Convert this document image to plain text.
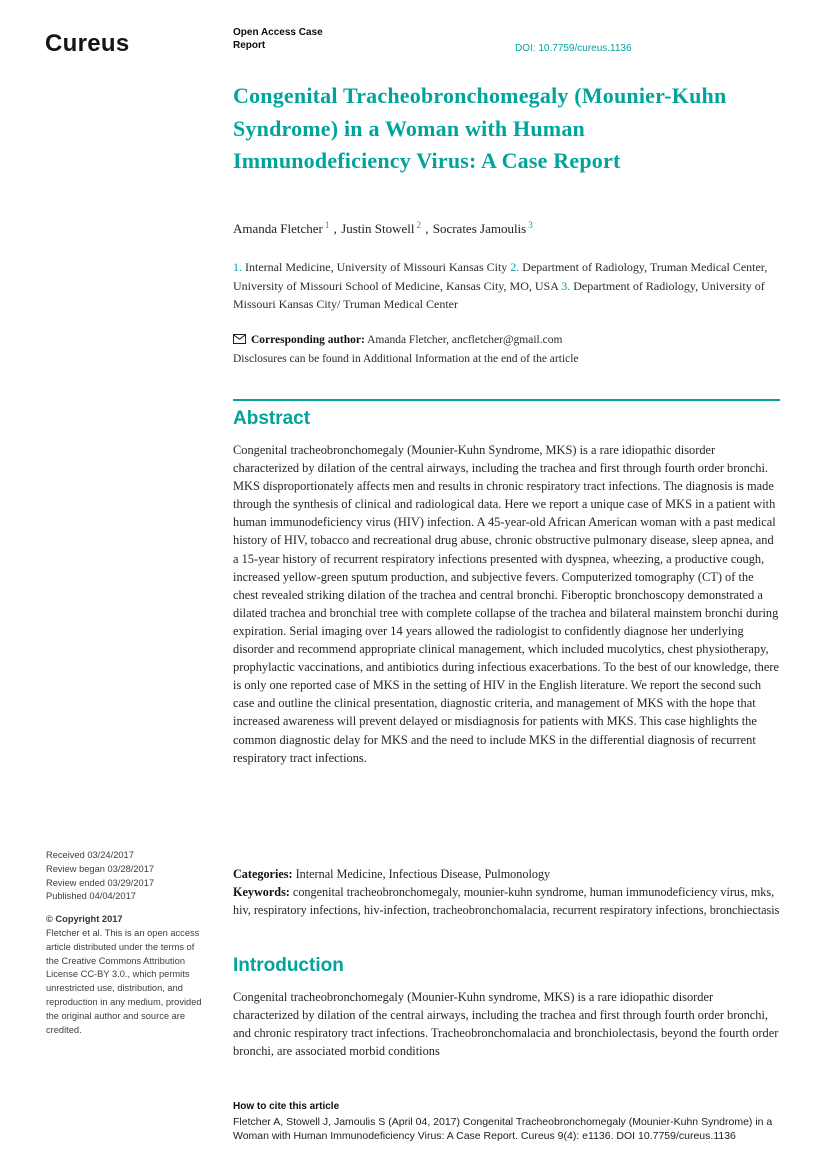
Cureus	Open Access Case Report	DOI: 10.7759/cureus.1136
Congenital Tracheobronchomegaly (Mounier-Kuhn Syndrome) in a Woman with Human Immunodeficiency Virus: A Case Report
Amanda Fletcher $^1$ , Justin Stowell $^2$ , Socrates Jamoulis $^3$
1. Internal Medicine, University of Missouri Kansas City 2. Department of Radiology, Truman Medical Center, University of Missouri School of Medicine, Kansas City, MO, USA 3. Department of Radiology, University of Missouri Kansas City/ Truman Medical Center
Corresponding author: Amanda Fletcher, ancfletcher@gmail.com
Disclosures can be found in Additional Information at the end of the article
Abstract
Congenital tracheobronchomegaly (Mounier-Kuhn Syndrome, MKS) is a rare idiopathic disorder characterized by dilation of the central airways, including the trachea and first through fourth order bronchi. MKS disproportionately affects men and results in chronic respiratory tract infections. The diagnosis is made through the synthesis of clinical and radiological data. Here we report a unique case of MKS in a patient with human immunodeficiency virus (HIV) infection. A 45-year-old African American woman with a past medical history of HIV, tobacco and recreational drug abuse, chronic obstructive pulmonary disease, sleep apnea, and a 15-year history of recurrent respiratory infections presented with dyspnea, wheezing, a productive cough, increased yellow-green sputum production, and subjective fevers. Computerized tomography (CT) of the chest revealed striking dilation of the trachea and central bronchi. Fiberoptic bronchoscopy demonstrated a dilated trachea and bronchial tree with complete collapse of the trachea and bilateral mainstem bronchi during expiration. Serial imaging over 14 years allowed the radiologist to confidently diagnose her underlying disorder and recommend appropriate clinical management, which included mucolytics, chest physiotherapy, prophylactic vaccinations, and antibiotics during infectious exacerbations. To the best of our knowledge, there is only one reported case of MKS in the setting of HIV in the English literature. We report the second such case and outline the clinical presentation, diagnostic criteria, and management of MKS with the hope that increased awareness will prevent delayed or misdiagnosis for patients with MKS. This case highlights the common diagnostic delay for MKS and the need to include MKS in the differential diagnosis of recurrent respiratory tract infections.
Received 03/24/2017
Review began 03/28/2017
Review ended 03/29/2017
Published 04/04/2017
© Copyright 2017
Fletcher et al. This is an open access article distributed under the terms of the Creative Commons Attribution License CC-BY 3.0., which permits unrestricted use, distribution, and reproduction in any medium, provided the original author and source are credited.
Categories: Internal Medicine, Infectious Disease, Pulmonology
Keywords: congenital tracheobronchomegaly, mounier-kuhn syndrome, human immunodeficiency virus, mks, hiv, respiratory infections, hiv-infection, tracheobronchomalacia, recurrent respiratory infections, bronchiectasis
Introduction
Congenital tracheobronchomegaly (Mounier-Kuhn syndrome, MKS) is a rare idiopathic disorder characterized by dilation of the central airways, including the trachea and first through fourth order bronchi, and chronic respiratory tract infections. Tracheobronchomalacia and bronchiolectasis, beyond the fourth order bronchi, are associated morbid conditions
How to cite this article
Fletcher A, Stowell J, Jamoulis S (April 04, 2017) Congenital Tracheobronchomegaly (Mounier-Kuhn Syndrome) in a Woman with Human Immunodeficiency Virus: A Case Report. Cureus 9(4): e1136. DOI 10.7759/cureus.1136
